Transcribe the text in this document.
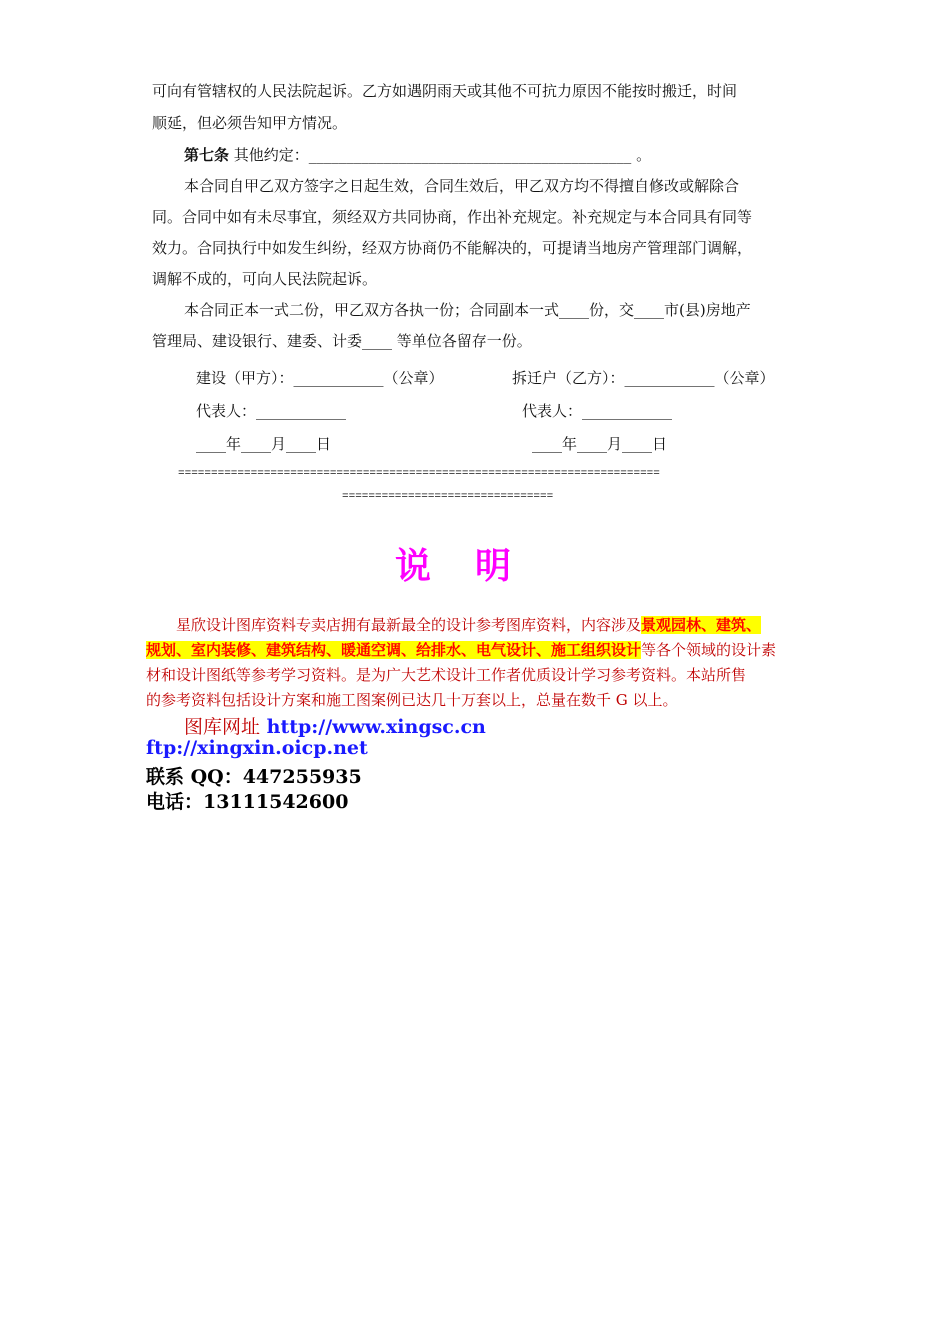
可向有管辖权的人民法院起诉。乙方如遇阴雨天或其他不可抗力原因不能按时搬迁，时间
顺延，但必须告知甲方情况。
第七条 其他约定：___________________________________________ 。
本合同自甲乙双方签字之日起生效，合同生效后，甲乙双方均不得擅自修改或解除合
同。合同中如有未尽事宜，须经双方共同协商，作出补充规定。补充规定与本合同具有同等
效力。合同执行中如发生纠纷，经双方协商仍不能解决的，可提请当地房产管理部门调解，
调解不成的，可向人民法院起诉。
本合同正本一式二份，甲乙双方各执一份；合同副本一式____份，交____市(县)房地产
管理局、建设银行、建委、计委____ 等单位各留存一份。
建设（甲方）：____________（公章）	拆迁户（乙方）：____________（公章）
代表人：____________	代表人：____________
____年____月____日	____年____月____日
=========================================================================
================================
说明
星欣设计图库资料专卖店拥有最新最全的设计参考图库资料，内容涉及景观园林、建筑、
规划、室内装修、建筑结构、暖通空调、给排水、电气设计、施工组织设计等各个领域的设计素
材和设计图纸等参考学习资料。是为广大艺术设计工作者优质设计学习参考资料。本站所售
的参考资料包括设计方案和施工图案例已达几十万套以上，总量在数千 G 以上。
图库网址 http://www.xingsc.cn
ftp://xingxin.oicp.net
联系 QQ：447255935
电话：13111542600
